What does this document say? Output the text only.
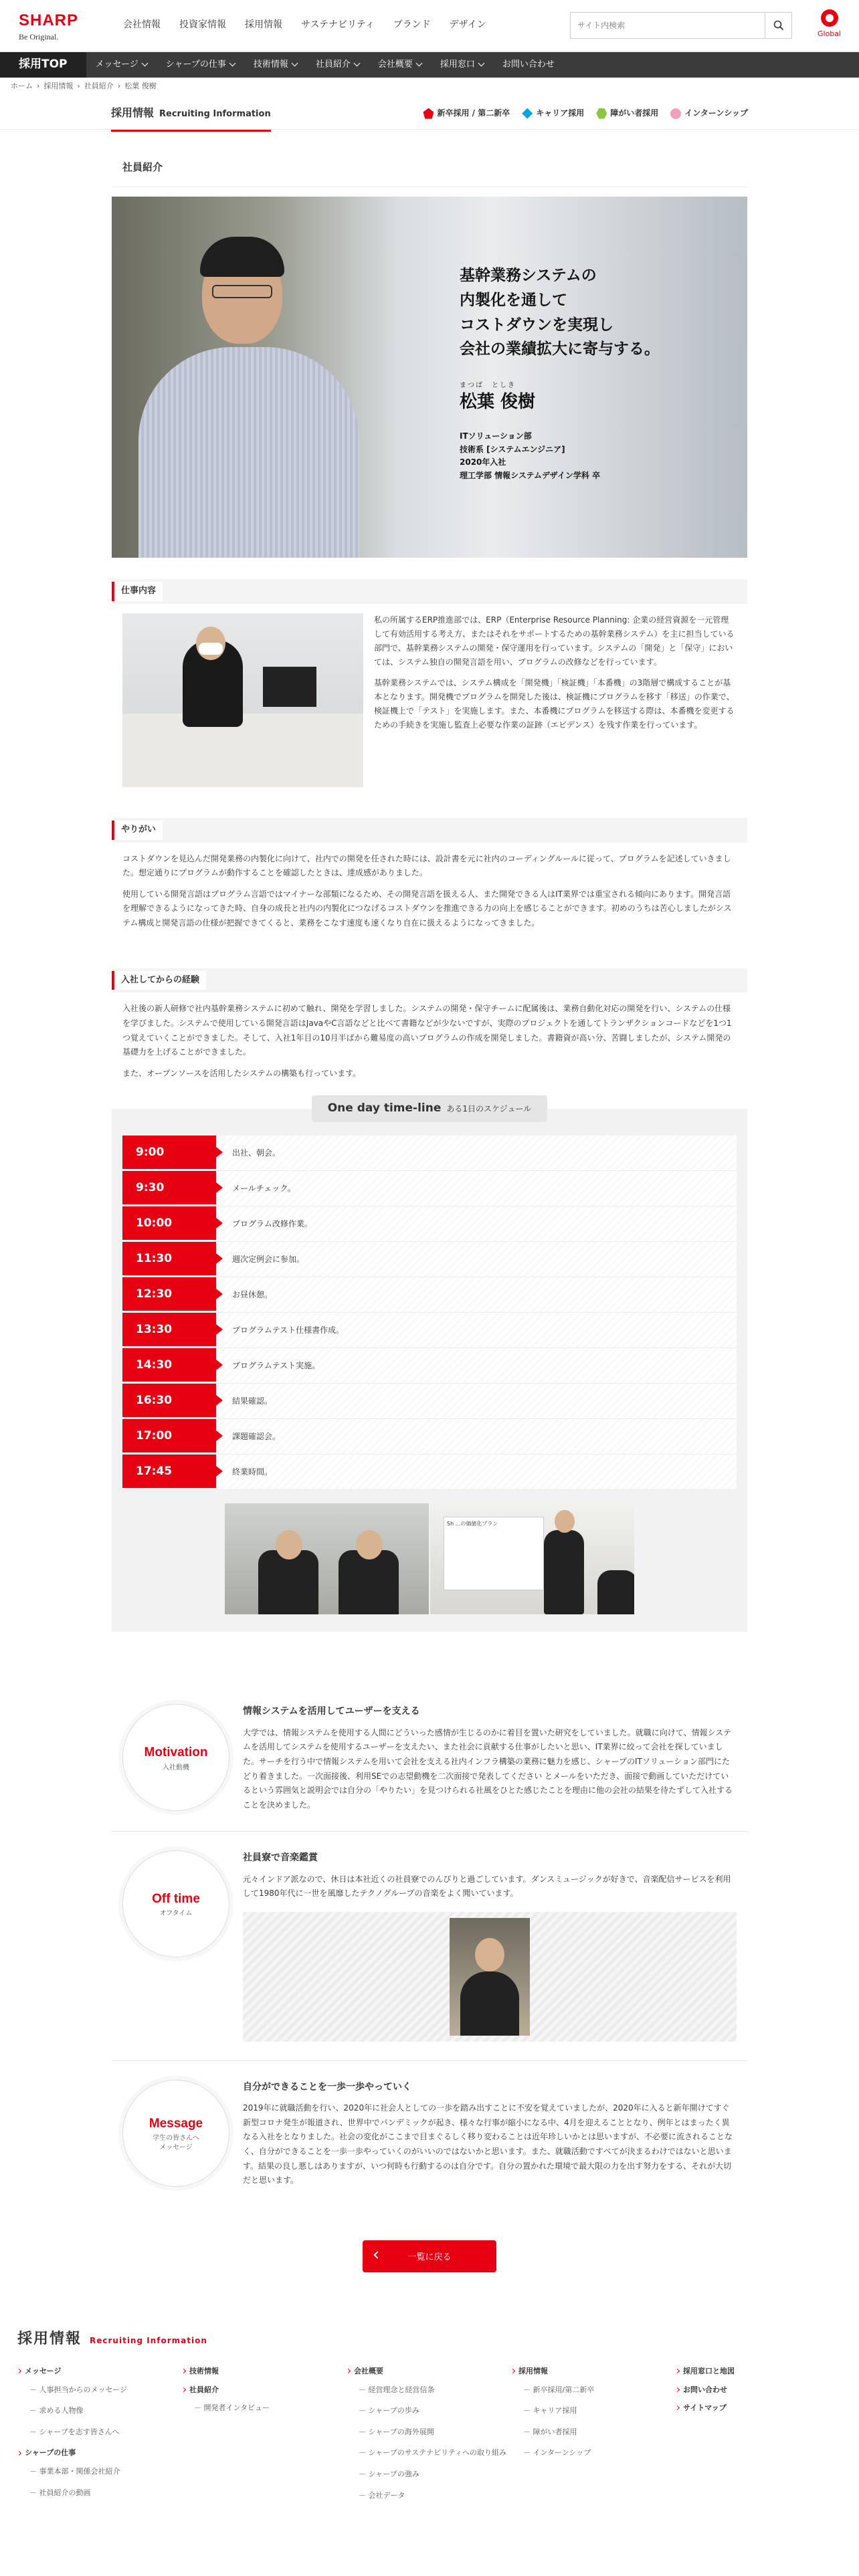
SHARP
Be Original.
会社情報 投資家情報 採用情報 サステナビリティ ブランド デザイン
サイト内検索
Global
採用TOP	メッセージ	シャープの仕事	技術情報	社員紹介	会社概要	採用窓口	お問い合わせ
ホーム › 採用情報 › 社員紹介 › 松葉 俊樹
採用情報 Recruiting Information	新卒採用 / 第二新卒	キャリア採用	障がい者採用	インターンシップ
社員紹介
基幹業務システムの
内製化を通して
コストダウンを実現し
会社の業績拡大に寄与する。
まつば　としき
松葉 俊樹
ITソリューション部
技術系 [システムエンジニア]
2020年入社
理工学部 情報システムデザイン学科 卒
仕事内容

私の所属するERP推進部では、ERP（Enterprise Resource Planning: 企業の経営資源を一元管理して有効活用する考え方、またはそれをサポートするための基幹業務システム）を主に担当している部門で、基幹業務システムの開発・保守運用を行っています。システムの「開発」と「保守」においては、システム独自の開発言語を用い、プログラムの改修などを行っています。

基幹業務システムでは、システム構成を「開発機」「検証機」「本番機」の3階層で構成することが基本となります。開発機でプログラムを開発した後は、検証機にプログラムを移す「移送」の作業で、検証機上で「テスト」を実施します。また、本番機にプログラムを移送する際は、本番機を変更するための手続きを実施し監査上必要な作業の証跡（エビデンス）を残す作業を行っています。

やりがい

コストダウンを見込んだ開発業務の内製化に向けて、社内での開発を任された時には、設計書を元に社内のコーディングルールに従って、プログラムを記述していきました。想定通りにプログラムが動作することを確認したときは、達成感がありました。

使用している開発言語はプログラム言語ではマイナーな部類になるため、その開発言語を扱える人、また開発できる人はIT業界では重宝される傾向にあります。開発言語を理解できるようになってきた時、自身の成長と社内の内製化につなげるコストダウンを推進できる力の向上を感じることができます。初めのうちは苦心しましたがシステム構成と開発言語の仕様が把握できてくると、業務をこなす速度も速くなり自在に扱えるようになってきました。

入社してからの経験

入社後の新人研修で社内基幹業務システムに初めて触れ、開発を学習しました。システムの開発・保守チームに配属後は、業務自動化対応の開発を行い、システムの仕様を学びました。システムで使用している開発言語はJavaやC言語などと比べて書籍などが少ないですが、実際のプロジェクトを通してトランザクションコードなどを1つ1つ覚えていくことができました。そして、入社1年目の10月半ばから難易度の高いプログラムの作成を開発しました。書籍資が高い分、苦闘しましたが、システム開発の基礎力を上げることができました。

また、オープンソースを活用したシステムの構築も行っています。

One day time-line ある1日のスケジュール
9:00	出社、朝会。
9:30	メールチェック。
10:00	プログラム改修作業。
11:30	週次定例会に参加。
12:30	お昼休憩。
13:30	プログラムテスト仕様書作成。
14:30	プログラムテスト実施。
16:30	結果確認。
17:00	課題確認会。
17:45	終業時間。
Sh ...の価値化プラン
Motivation
入社動機
情報システムを活用してユーザーを支える

大学では、情報システムを使用する人間にどういった感情が生じるのかに着目を置いた研究をしていました。就職に向けて、情報システムを活用してシステムを使用するユーザーを支えたい、また社会に貢献する仕事がしたいと思い、IT業界に絞って会社を探していました。サーチを行う中で情報システムを用いて会社を支える社内インフラ構築の業務に魅力を感じ、シャープのITソリューション部門にたどり着きました。一次面接後、利用SEでの志望動機を二次面接で発表してください とメールをいただき、面接で動画していただけているという雰囲気と説明会では自分の「やりたい」を見つけられる社風をひとた感じたことを理由に他の会社の結果を待たずして入社することを決めました。

Off time
オフタイム
社員寮で音楽鑑賞

元々インドア派なので、休日は本社近くの社員寮でのんびりと過ごしています。ダンスミュージックが好きで、音楽配信サービスを利用して1980年代に一世を風靡したテクノグループの音楽をよく聞いています。

Message
学生の皆さんへ
メッセージ
自分ができることを一歩一歩やっていく

2019年に就職活動を行い、2020年に社会人としての一歩を踏み出すことに不安を覚えていましたが、2020年に入ると新年開けてすぐ新型コロナ発生が報道され、世界中でパンデミックが起き、様々な行事が縮小になる中、4月を迎えることとなり、例年とはまったく異なる入社をとなりました。社会の変化がここまで目まぐるしく移り変わることは近年珍しいかとは思いますが、不必要に流されることなく、自分ができることを一歩一歩やっていくのがいいのではないかと思います。また、就職活動ですべてが決まるわけではないと思います。結果の良し悪しはありますが、いつ何時も行動するのは自分です。自分の置かれた環境で最大限の力を出す努力をする、それが大切だと思います。

一覧に戻る
採用情報 Recruiting Information
メッセージ
－ 人事担当からのメッセージ
－ 求める人物像
－ シャープを志す皆さんへ
シャープの仕事
－ 事業本部・関係会社紹介
－ 社員紹介の動画
技術情報
社員紹介
－ 開発者インタビュー
会社概要
－ 経営理念と経営信条
－ シャープの歩み
－ シャープの海外展開
－ シャープのサステナビリティへの取り組み
－ シャープの強み
－ 会社データ
採用情報
－ 新卒採用/第二新卒
－ キャリア採用
－ 障がい者採用
－ インターンシップ
採用窓口と地図
お問い合わせ
サイトマップ
